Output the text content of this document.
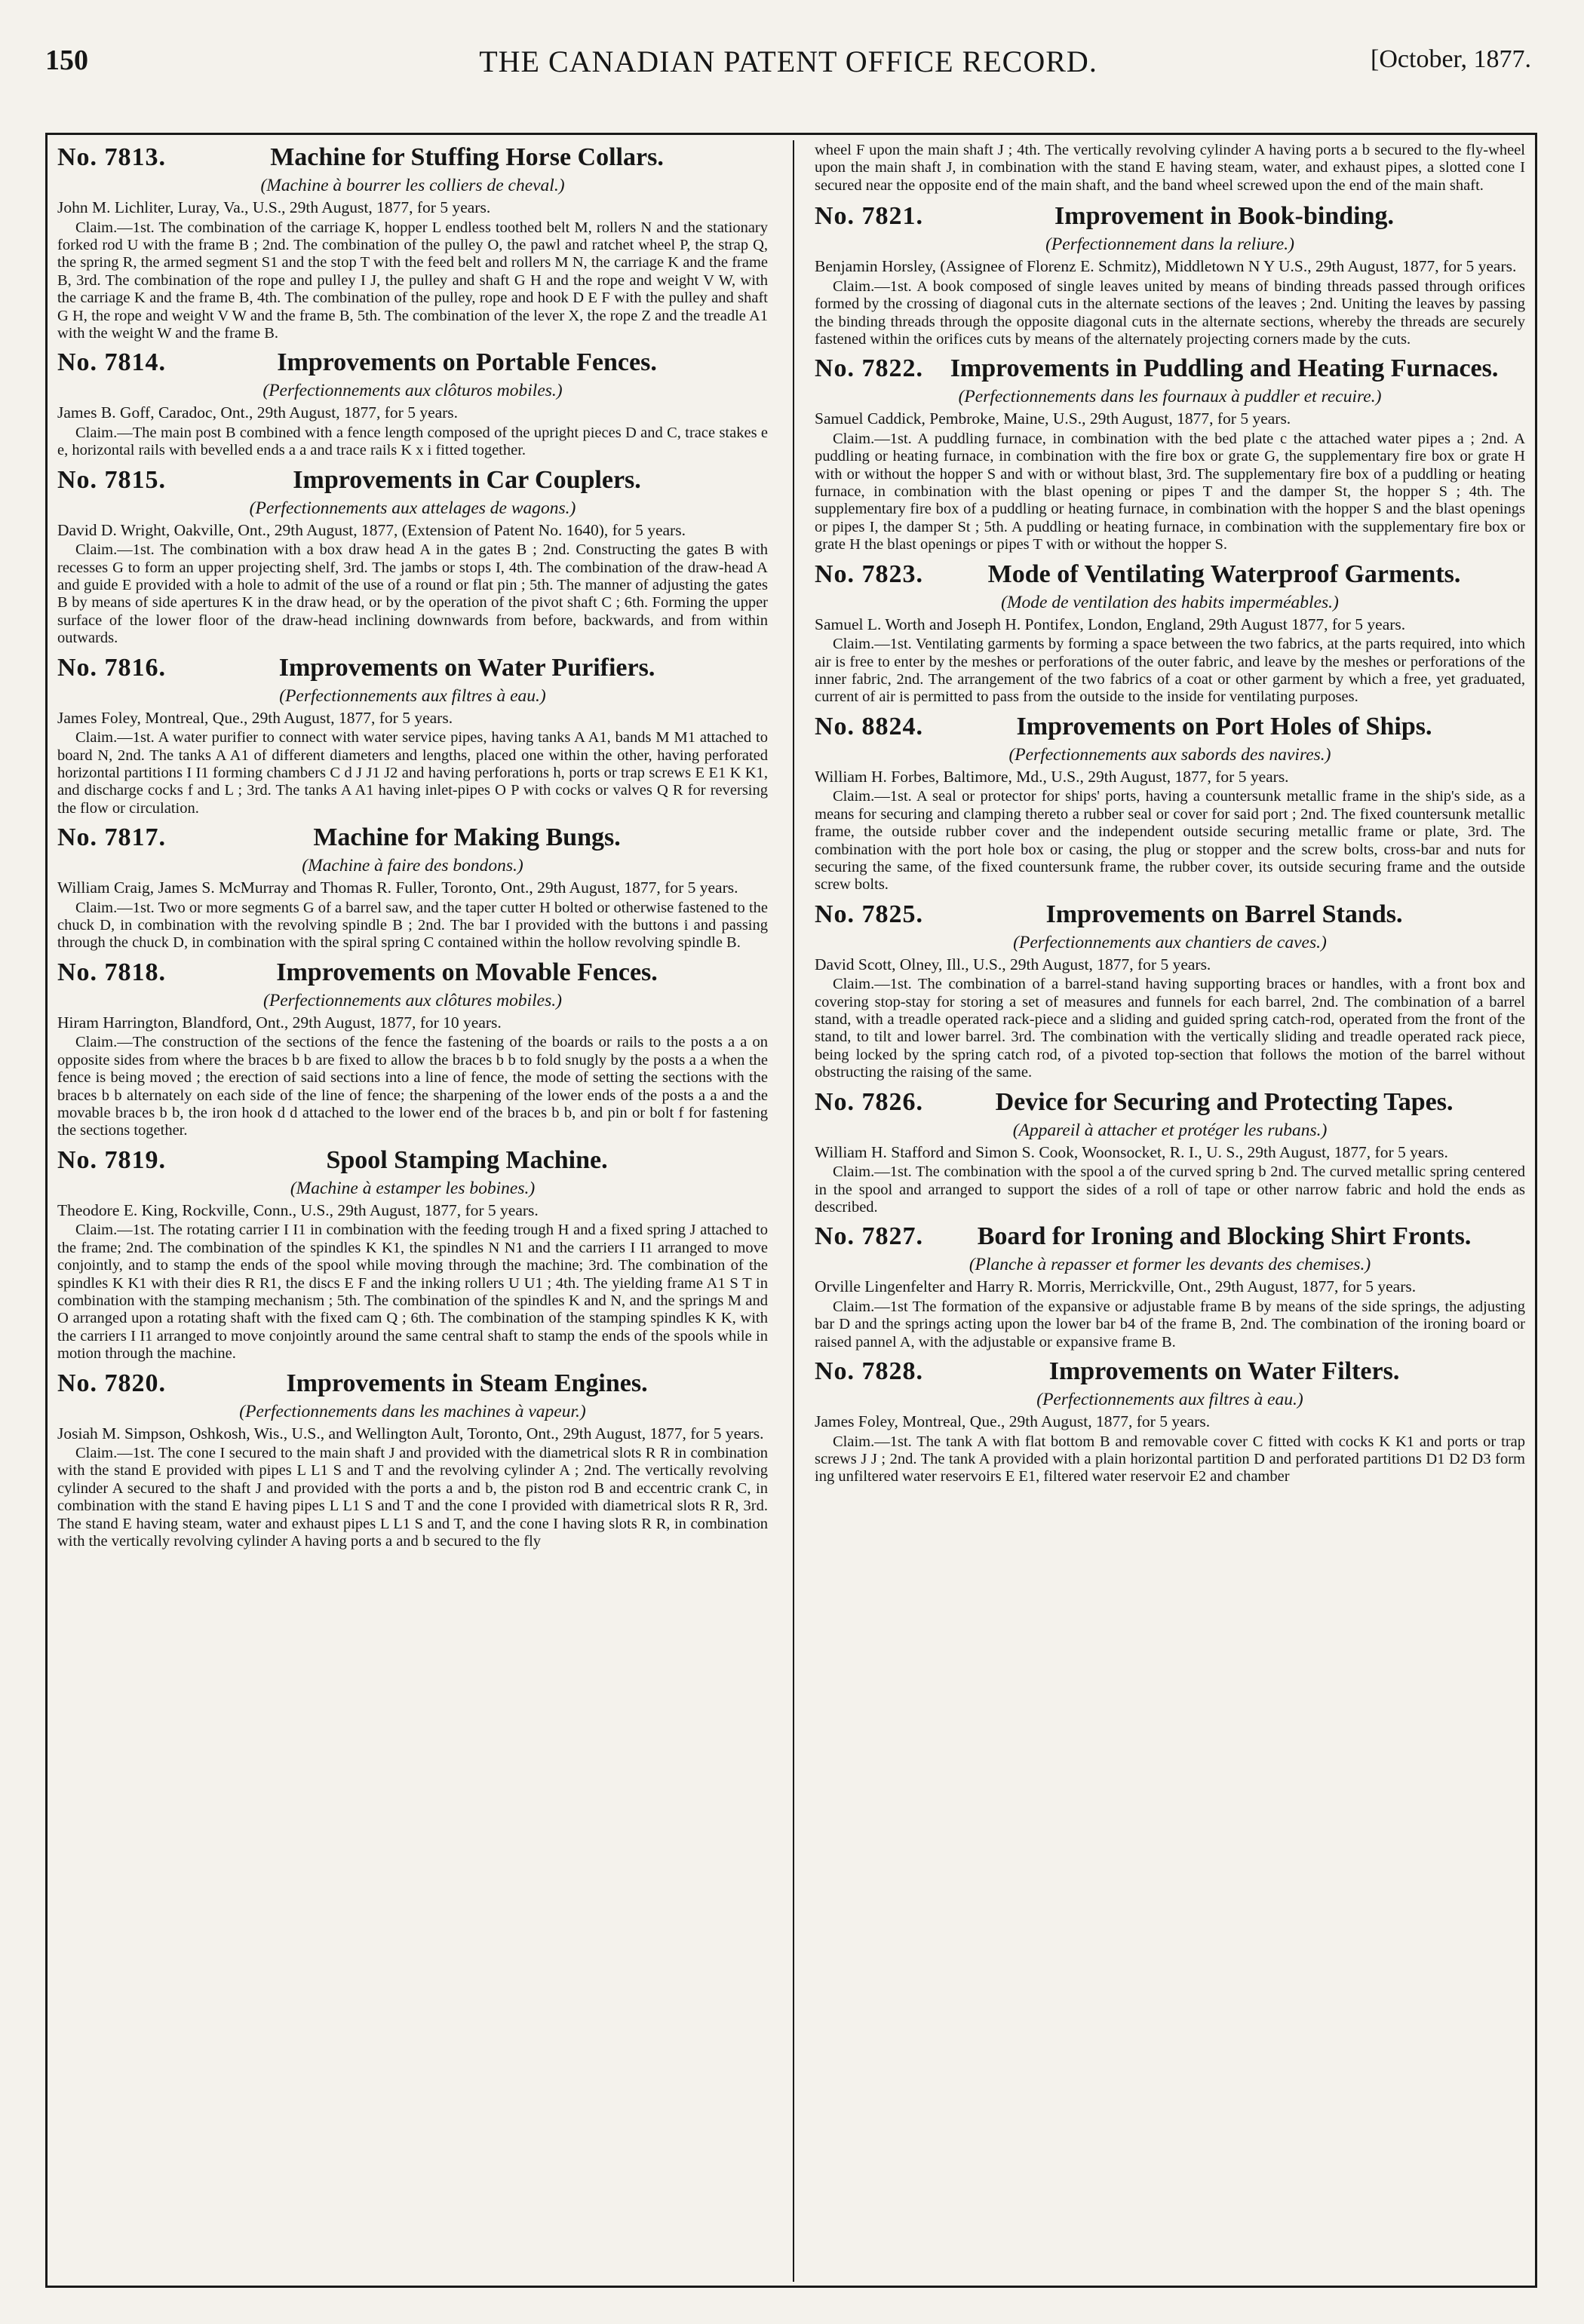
150	THE CANADIAN PATENT OFFICE RECORD.	[October, 1877.
No. 7813.	Machine for Stuffing Horse Collars.
(Machine à bourrer les colliers de cheval.)
John M. Lichliter, Luray, Va., U.S., 29th August, 1877, for 5 years.

Claim.—1st. The combination of the carriage K, hopper L endless toothed belt M, rollers N and the stationary forked rod U with the frame B ; 2nd. The combination of the pulley O, the pawl and ratchet wheel P, the strap Q, the spring R, the armed segment S1 and the stop T with the feed belt and rollers M N, the carriage K and the frame B, 3rd. The combination of the rope and pulley I J, the pulley and shaft G H and the rope and weight V W, with the carriage K and the frame B, 4th. The combination of the pulley, rope and hook D E F with the pulley and shaft G H, the rope and weight V W and the frame B, 5th. The combination of the lever X, the rope Z and the treadle A1 with the weight W and the frame B.

No. 7814.	Improvements on Portable Fences.
(Perfectionnements aux clôturos mobiles.)
James B. Goff, Caradoc, Ont., 29th August, 1877, for 5 years.

Claim.—The main post B combined with a fence length composed of the upright pieces D and C, trace stakes e e, horizontal rails with bevelled ends a a and trace rails K x i fitted together.

No. 7815.	Improvements in Car Couplers.
(Perfectionnements aux attelages de wagons.)
David D. Wright, Oakville, Ont., 29th August, 1877, (Extension of Patent No. 1640), for 5 years.

Claim.—1st. The combination with a box draw head A in the gates B ; 2nd. Constructing the gates B with recesses G to form an upper projecting shelf, 3rd. The jambs or stops I, 4th. The combination of the draw-head A and guide E provided with a hole to admit of the use of a round or flat pin ; 5th. The manner of adjusting the gates B by means of side apertures K in the draw head, or by the operation of the pivot shaft C ; 6th. Forming the upper surface of the lower floor of the draw-head inclining downwards from before, backwards, and from within outwards.

No. 7816.	Improvements on Water Purifiers.
(Perfectionnements aux filtres à eau.)
James Foley, Montreal, Que., 29th August, 1877, for 5 years.

Claim.—1st. A water purifier to connect with water service pipes, having tanks A A1, bands M M1 attached to board N, 2nd. The tanks A A1 of different diameters and lengths, placed one within the other, having perforated horizontal partitions I I1 forming chambers C d J J1 J2 and having perforations h, ports or trap screws E E1 K K1, and discharge cocks f and L ; 3rd. The tanks A A1 having inlet-pipes O P with cocks or valves Q R for reversing the flow or circulation.

No. 7817.	Machine for Making Bungs.
(Machine à faire des bondons.)
William Craig, James S. McMurray and Thomas R. Fuller, Toronto, Ont., 29th August, 1877, for 5 years.

Claim.—1st. Two or more segments G of a barrel saw, and the taper cutter H bolted or otherwise fastened to the chuck D, in combination with the revolving spindle B ; 2nd. The bar I provided with the buttons i and passing through the chuck D, in combination with the spiral spring C contained within the hollow revolving spindle B.

No. 7818.	Improvements on Movable Fences.
(Perfectionnements aux clôtures mobiles.)
Hiram Harrington, Blandford, Ont., 29th August, 1877, for 10 years.

Claim.—The construction of the sections of the fence the fastening of the boards or rails to the posts a a on opposite sides from where the braces b b are fixed to allow the braces b b to fold snugly by the posts a a when the fence is being moved ; the erection of said sections into a line of fence, the mode of setting the sections with the braces b b alternately on each side of the line of fence; the sharpening of the lower ends of the posts a a and the movable braces b b, the iron hook d d attached to the lower end of the braces b b, and pin or bolt f for fastening the sections together.

No. 7819.	Spool Stamping Machine.
(Machine à estamper les bobines.)
Theodore E. King, Rockville, Conn., U.S., 29th August, 1877, for 5 years.

Claim.—1st. The rotating carrier I I1 in combination with the feeding trough H and a fixed spring J attached to the frame; 2nd. The combination of the spindles K K1, the spindles N N1 and the carriers I I1 arranged to move conjointly, and to stamp the ends of the spool while moving through the machine; 3rd. The combination of the spindles K K1 with their dies R R1, the discs E F and the inking rollers U U1 ; 4th. The yielding frame A1 S T in combination with the stamping mechanism ; 5th. The combination of the spindles K and N, and the springs M and O arranged upon a rotating shaft with the fixed cam Q ; 6th. The combination of the stamping spindles K K, with the carriers I I1 arranged to move conjointly around the same central shaft to stamp the ends of the spools while in motion through the machine.

No. 7820.	Improvements in Steam Engines.
(Perfectionnements dans les machines à vapeur.)
Josiah M. Simpson, Oshkosh, Wis., U.S., and Wellington Ault, Toronto, Ont., 29th August, 1877, for 5 years.

Claim.—1st. The cone I secured to the main shaft J and provided with the diametrical slots R R in combination with the stand E provided with pipes L L1 S and T and the revolving cylinder A ; 2nd. The vertically revolving cylinder A secured to the shaft J and provided with the ports a and b, the piston rod B and eccentric crank C, in combination with the stand E having pipes L L1 S and T and the cone I provided with diametrical slots R R, 3rd. The stand E having steam, water and exhaust pipes L L1 S and T, and the cone I having slots R R, in combination with the vertically revolving cylinder A having ports a and b secured to the fly

wheel F upon the main shaft J ; 4th. The vertically revolving cylinder A having ports a b secured to the fly-wheel upon the main shaft J, in combination with the stand E having steam, water, and exhaust pipes, a slotted cone I secured near the opposite end of the main shaft, and the band wheel screwed upon the end of the main shaft.

No. 7821.	Improvement in Book-binding.
(Perfectionnement dans la reliure.)
Benjamin Horsley, (Assignee of Florenz E. Schmitz), Middletown N Y U.S., 29th August, 1877, for 5 years.

Claim.—1st. A book composed of single leaves united by means of binding threads passed through orifices formed by the crossing of diagonal cuts in the alternate sections of the leaves ; 2nd. Uniting the leaves by passing the binding threads through the opposite diagonal cuts in the alternate sections, whereby the threads are securely fastened within the orifices cuts by means of the alternately projecting corners made by the cuts.

No. 7822. Improvements in Puddling and Heating Furnaces.
(Perfectionnements dans les fournaux à puddler et recuire.)
Samuel Caddick, Pembroke, Maine, U.S., 29th August, 1877, for 5 years.

Claim.—1st. A puddling furnace, in combination with the bed plate c the attached water pipes a ; 2nd. A puddling or heating furnace, in combination with the fire box or grate G, the supplementary fire box or grate H with or without the hopper S and with or without blast, 3rd. The supplementary fire box of a puddling or heating furnace, in combination with the blast opening or pipes T and the damper St, the hopper S ; 4th. The supplementary fire box of a puddling or heating furnace, in combination with the hopper S and the blast openings or pipes I, the damper St ; 5th. A puddling or heating furnace, in combination with the supplementary fire box or grate H the blast openings or pipes T with or without the hopper S.

No. 7823.	Mode of Ventilating Waterproof Garments.
(Mode de ventilation des habits imperméables.)
Samuel L. Worth and Joseph H. Pontifex, London, England, 29th August 1877, for 5 years.

Claim.—1st. Ventilating garments by forming a space between the two fabrics, at the parts required, into which air is free to enter by the meshes or perforations of the outer fabric, and leave by the meshes or perforations of the inner fabric, 2nd. The arrangement of the two fabrics of a coat or other garment by which a free, yet graduated, current of air is permitted to pass from the outside to the inside for ventilating purposes.

No. 8824.	Improvements on Port Holes of Ships.
(Perfectionnements aux sabords des navires.)
William H. Forbes, Baltimore, Md., U.S., 29th August, 1877, for 5 years.

Claim.—1st. A seal or protector for ships' ports, having a countersunk metallic frame in the ship's side, as a means for securing and clamping thereto a rubber seal or cover for said port ; 2nd. The fixed countersunk metallic frame, the outside rubber cover and the independent outside securing metallic frame or plate, 3rd. The combination with the port hole box or casing, the plug or stopper and the screw bolts, cross-bar and nuts for securing the same, of the fixed countersunk frame, the rubber cover, its outside securing frame and the outside screw bolts.

No. 7825.	Improvements on Barrel Stands.
(Perfectionnements aux chantiers de caves.)
David Scott, Olney, Ill., U.S., 29th August, 1877, for 5 years.

Claim.—1st. The combination of a barrel-stand having supporting braces or handles, with a front box and covering stop-stay for storing a set of measures and funnels for each barrel, 2nd. The combination of a barrel stand, with a treadle operated rack-piece and a sliding and guided spring catch-rod, operated from the front of the stand, to tilt and lower barrel. 3rd. The combination with the vertically sliding and treadle operated rack piece, being locked by the spring catch rod, of a pivoted top-section that follows the motion of the barrel without obstructing the raising of the same.

No. 7826.	Device for Securing and Protecting Tapes.
(Appareil à attacher et protéger les rubans.)
William H. Stafford and Simon S. Cook, Woonsocket, R. I., U. S., 29th August, 1877, for 5 years.

Claim.—1st. The combination with the spool a of the curved spring b 2nd. The curved metallic spring centered in the spool and arranged to support the sides of a roll of tape or other narrow fabric and hold the ends as described.

No. 7827. Board for Ironing and Blocking Shirt Fronts.
(Planche à repasser et former les devants des chemises.)
Orville Lingenfelter and Harry R. Morris, Merrickville, Ont., 29th August, 1877, for 5 years.

Claim.—1st The formation of the expansive or adjustable frame B by means of the side springs, the adjusting bar D and the springs acting upon the lower bar b4 of the frame B, 2nd. The combination of the ironing board or raised pannel A, with the adjustable or expansive frame B.

No. 7828.	Improvements on Water Filters.
(Perfectionnements aux filtres à eau.)
James Foley, Montreal, Que., 29th August, 1877, for 5 years.

Claim.—1st. The tank A with flat bottom B and removable cover C fitted with cocks K K1 and ports or trap screws J J ; 2nd. The tank A provided with a plain horizontal partition D and perforated partitions D1 D2 D3 form ing unfiltered water reservoirs E E1, filtered water reservoir E2 and chamber
